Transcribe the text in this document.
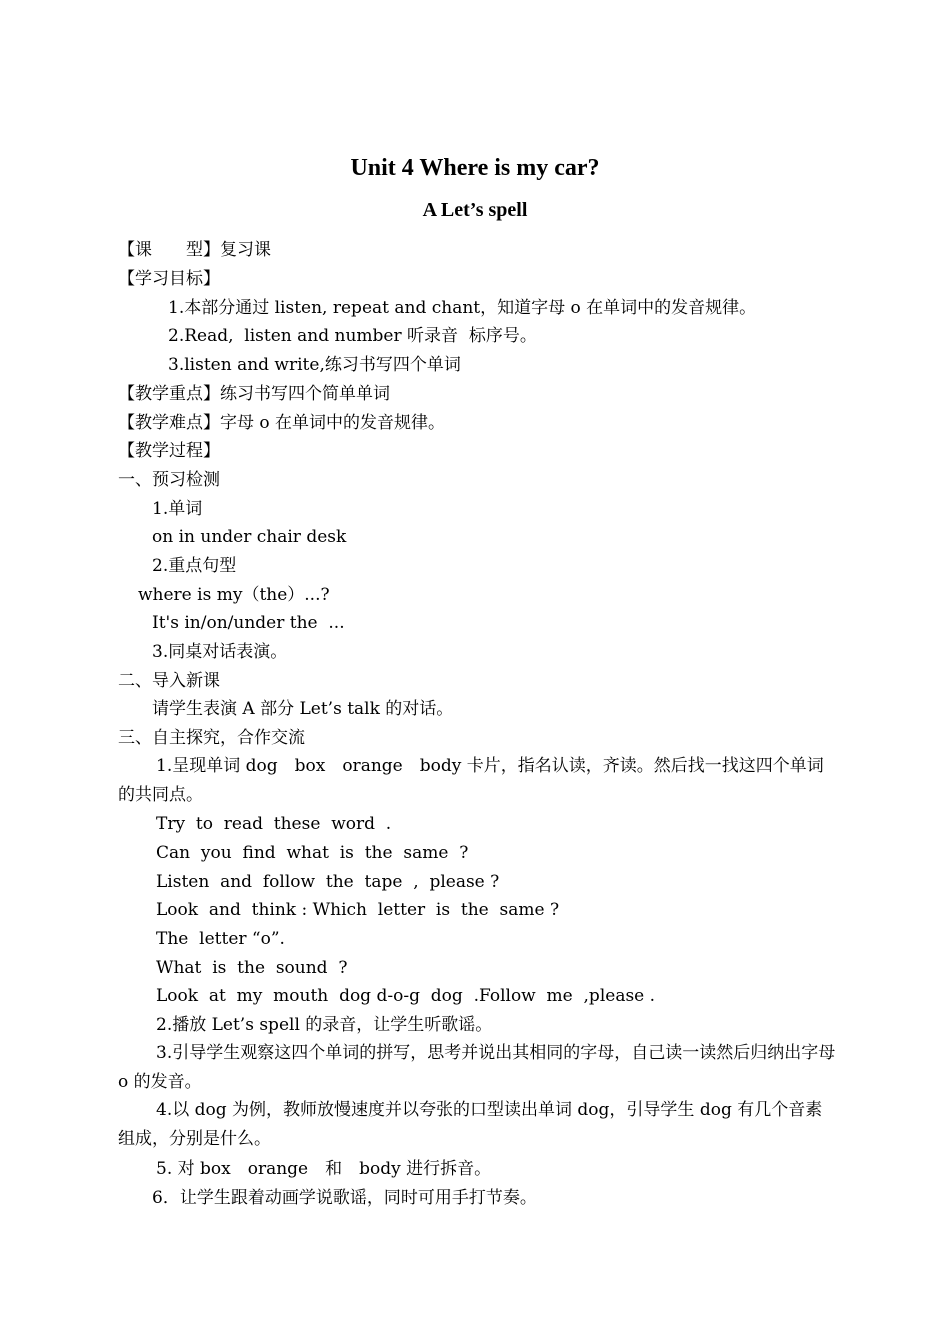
Unit 4 Where is my car?
A Let’s spell
【课　　型】复习课
【学习目标】
1.本部分通过 listen, repeat and chant，知道字母 o 在单词中的发音规律。
2.Read,  listen and number 听录音  标序号。
3.listen and write,练习书写四个单词
【教学重点】练习书写四个简单单词
【教学难点】字母 o 在单词中的发音规律。
【教学过程】
一、预习检测
1.单词
on in under chair desk
2.重点句型
where is my（the）...?
It's in/on/under the  ...
3.同桌对话表演。
二、导入新课
请学生表演 A 部分 Let’s talk 的对话。
三、自主探究，合作交流
1.呈现单词 dog　box　orange　body 卡片，指名认读，齐读。然后找一找这四个单词的共同点。
Try  to  read  these  word  .
Can  you  find  what  is  the  same  ?
Listen  and  follow  the  tape  ,  please ?
Look  and  think : Which  letter  is  the  same ?
The  letter “o”.
What  is  the  sound  ?
Look  at  my  mouth  dog d-o-g  dog  .Follow  me  ,please .
2.播放 Let’s spell 的录音，让学生听歌谣。
3.引导学生观察这四个单词的拼写，思考并说出其相同的字母，自己读一读然后归纳出字母 o 的发音。
4.以 dog 为例，教师放慢速度并以夸张的口型读出单词 dog，引导学生 dog 有几个音素组成，分别是什么。
5. 对 box　orange　和　body 进行拆音。
6．让学生跟着动画学说歌谣，同时可用手打节奏。
